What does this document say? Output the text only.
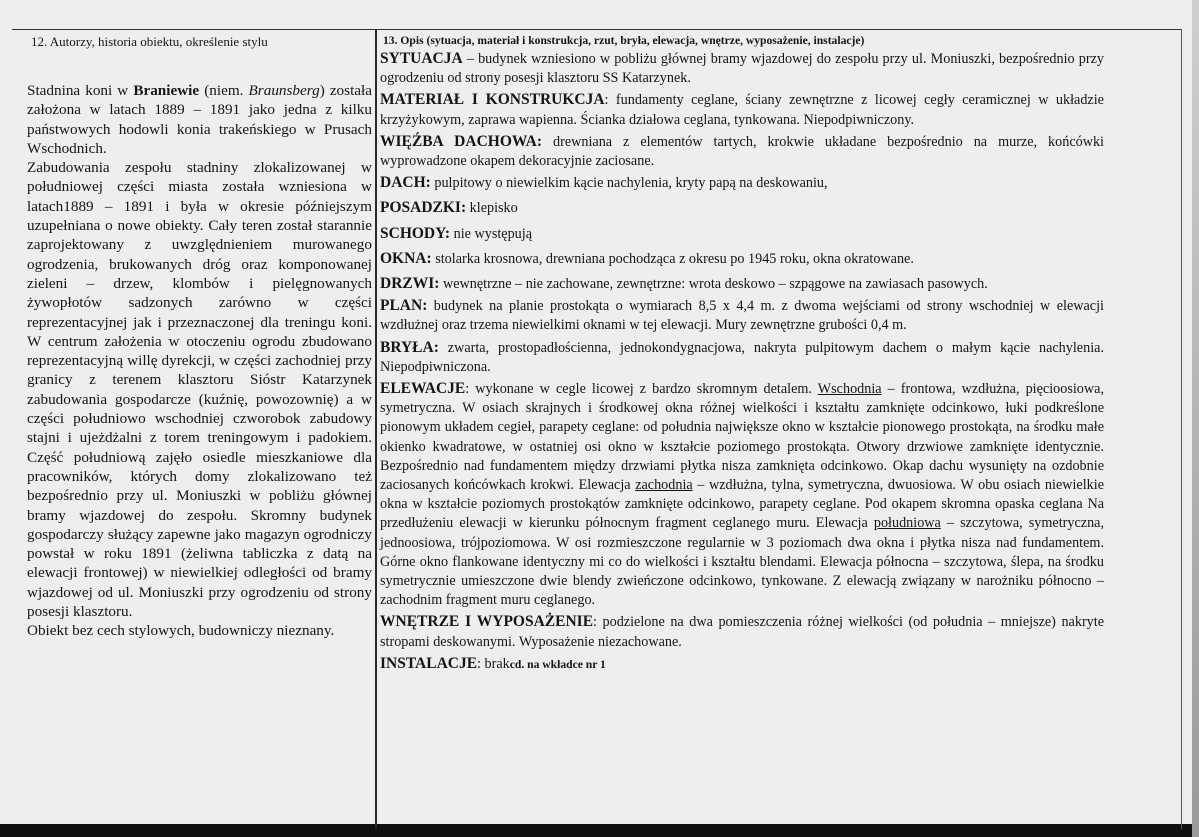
12. Autorzy, historia obiektu, określenie stylu

Stadnina koni w Braniewie (niem. Braunsberg) została założona w latach 1889 – 1891 jako jedna z kilku państwowych hodowli konia trakeńskiego w Prusach Wschodnich.

Zabudowania zespołu stadniny zlokalizowanej w południowej części miasta została wzniesiona w latach1889 – 1891 i była w okresie późniejszym uzupełniana o nowe obiekty. Cały teren został starannie zaprojektowany z uwzględnieniem murowanego ogrodzenia, brukowanych dróg oraz komponowanej zieleni – drzew, klombów i pielęgnowanych żywopłotów sadzonych zarówno w części reprezentacyjnej jak i przeznaczonej dla treningu koni. W centrum założenia w otoczeniu ogrodu zbudowano reprezentacyjną willę dyrekcji, w części zachodniej przy granicy z terenem klasztoru Sióstr Katarzynek zabudowania gospodarcze (kuźnię, powozownię) a w części południowo wschodniej czworobok zabudowy stajni i ujeżdżalni z torem treningowym i padokiem. Część południową zajęło osiedle mieszkaniowe dla pracowników, których domy zlokalizowano też bezpośrednio przy ul. Moniuszki w pobliżu głównej bramy wjazdowej do zespołu. Skromny budynek gospodarczy służący zapewne jako magazyn ogrodniczy powstał w roku 1891 (żeliwna tabliczka z datą na elewacji frontowej) w niewielkiej odległości od bramy wjazdowej od ul. Moniuszki przy ogrodzeniu od strony posesji klasztoru.

Obiekt bez cech stylowych, budowniczy nieznany.

13. Opis (sytuacja, materiał i konstrukcja, rzut, bryła, elewacja, wnętrze, wyposażenie, instalacje)
SYTUACJA – budynek wzniesiono w pobliżu głównej bramy wjazdowej do zespołu przy ul. Moniuszki, bezpośrednio przy ogrodzeniu od strony posesji klasztoru SS Katarzynek.
MATERIAŁ I KONSTRUKCJA: fundamenty ceglane, ściany zewnętrzne z licowej cegły ceramicznej w układzie krzyżykowym, zaprawa wapienna. Ścianka działowa ceglana, tynkowana. Niepodpiwniczony.
WIĘŹBA DACHOWA: drewniana z elementów tartych, krokwie układane bezpośrednio na murze, końcówki wyprowadzone okapem dekoracyjnie zaciosane.
DACH: pulpitowy o niewielkim kącie nachylenia, kryty papą na deskowaniu,
POSADZKI: klepisko
SCHODY: nie występują
OKNA: stolarka krosnowa, drewniana pochodząca z okresu po 1945 roku, okna okratowane.
DRZWI: wewnętrzne – nie zachowane, zewnętrzne: wrota deskowo – szpągowe na zawiasach pasowych.
PLAN: budynek na planie prostokąta o wymiarach 8,5 x 4,4 m. z dwoma wejściami od strony wschodniej w elewacji wzdłużnej oraz trzema niewielkimi oknami w tej elewacji. Mury zewnętrzne grubości 0,4 m.
BRYŁA: zwarta, prostopadłościenna, jednokondygnacjowa, nakryta pulpitowym dachem o małym kącie nachylenia. Niepodpiwniczona.
ELEWACJE: wykonane w cegle licowej z bardzo skromnym detalem. Wschodnia – frontowa, wzdłużna, pięcioosiowa, symetryczna. W osiach skrajnych i środkowej okna różnej wielkości i kształtu zamknięte odcinkowo, łuki podkreślone pionowym układem cegieł, parapety ceglane: od południa największe okno w kształcie pionowego prostokąta, na środku małe okienko kwadratowe, w ostatniej osi okno w kształcie poziomego prostokąta. Otwory drzwiowe zamknięte identycznie. Bezpośrednio nad fundamentem między drzwiami płytka nisza zamknięta odcinkowo. Okap dachu wysunięty na ozdobnie zaciosanych końcówkach krokwi. Elewacja zachodnia – wzdłużna, tylna, symetryczna, dwuosiowa. W obu osiach niewielkie okna w kształcie poziomych prostokątów zamknięte odcinkowo, parapety ceglane. Pod okapem skromna opaska ceglana Na przedłużeniu elewacji w kierunku północnym fragment ceglanego muru. Elewacja południowa – szczytowa, symetryczna, jednoosiowa, trójpoziomowa. W osi rozmieszczone regularnie w 3 poziomach dwa okna i płytka nisza nad fundamentem. Górne okno flankowane identyczny mi co do wielkości i kształtu blendami. Elewacja północna – szczytowa, ślepa, na środku symetrycznie umieszczone dwie blendy zwieńczone odcinkowo, tynkowane. Z elewacją związany w narożniku północno – zachodnim fragment muru ceglanego.
WNĘTRZE I WYPOSAŻENIE: podzielone na dwa pomieszczenia różnej wielkości (od południa – mniejsze) nakryte stropami deskowanymi. Wyposażenie niezachowane.
INSTALACJE: brakcd. na wkładce nr 1
